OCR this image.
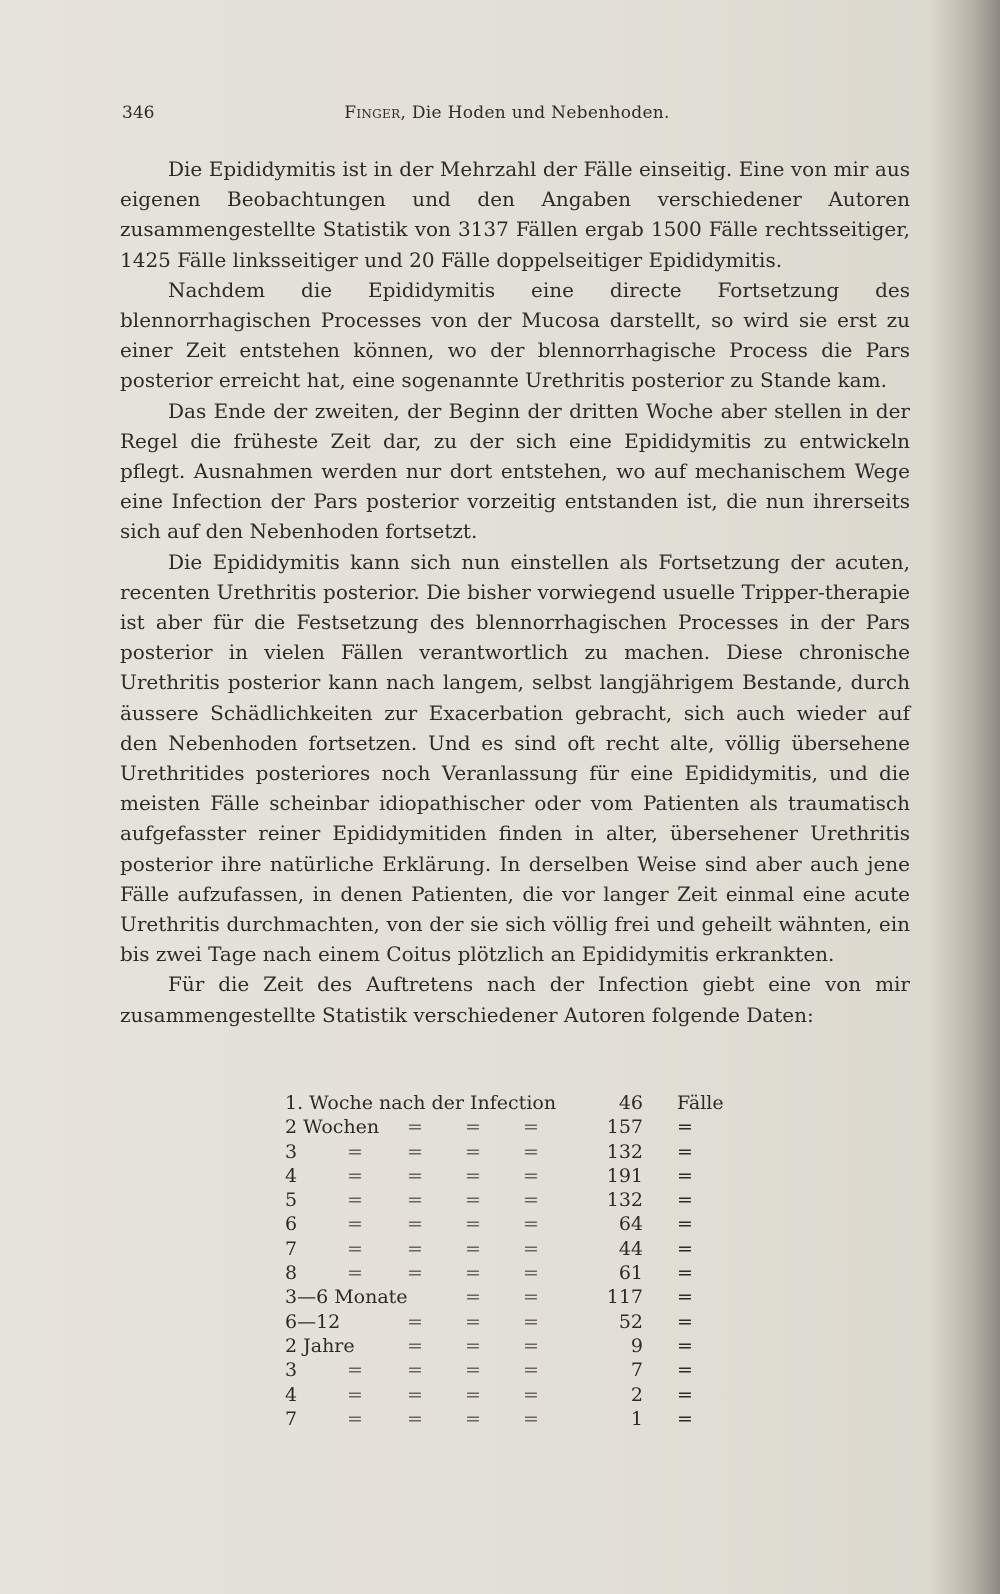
346	Finger, Die Hoden und Nebenhoden.

Die Epididymitis ist in der Mehrzahl der Fälle einseitig. Eine von mir aus eigenen Beobachtungen und den Angaben verschiedener Autoren zusammengestellte Statistik von 3137 Fällen ergab 1500 Fälle rechtsseitiger, 1425 Fälle linksseitiger und 20 Fälle doppelseitiger Epididymitis.

Nachdem die Epididymitis eine directe Fortsetzung des blennorrhagischen Processes von der Mucosa darstellt, so wird sie erst zu einer Zeit entstehen können, wo der blennorrhagische Process die Pars posterior erreicht hat, eine sogenannte Urethritis posterior zu Stande kam.

Das Ende der zweiten, der Beginn der dritten Woche aber stellen in der Regel die früheste Zeit dar, zu der sich eine Epididymitis zu entwickeln pflegt. Ausnahmen werden nur dort entstehen, wo auf mechanischem Wege eine Infection der Pars posterior vorzeitig entstanden ist, die nun ihrerseits sich auf den Nebenhoden fortsetzt.

Die Epididymitis kann sich nun einstellen als Fortsetzung der acuten, recenten Urethritis posterior. Die bisher vorwiegend usuelle Tripper-therapie ist aber für die Festsetzung des blennorrhagischen Processes in der Pars posterior in vielen Fällen verantwortlich zu machen. Diese chronische Urethritis posterior kann nach langem, selbst langjährigem Bestande, durch äussere Schädlichkeiten zur Exacerbation gebracht, sich auch wieder auf den Nebenhoden fortsetzen. Und es sind oft recht alte, völlig übersehene Urethritides posteriores noch Veranlassung für eine Epididymitis, und die meisten Fälle scheinbar idiopathischer oder vom Patienten als traumatisch aufgefasster reiner Epididymitiden finden in alter, übersehener Urethritis posterior ihre natürliche Erklärung. In derselben Weise sind aber auch jene Fälle aufzufassen, in denen Patienten, die vor langer Zeit einmal eine acute Urethritis durchmachten, von der sie sich völlig frei und geheilt wähnten, ein bis zwei Tage nach einem Coitus plötzlich an Epididymitis erkrankten.

Für die Zeit des Auftretens nach der Infection giebt eine von mir zusammengestellte Statistik verschiedener Autoren folgende Daten:

1. Woche nach der Infection	46 Fälle
2 Wochen = = =	157 =
3	= = = =	132 =
4	= = = =	191 =
5	= = = =	132 =
6	= = = =	64 =
7	= = = =	44 =
8	= = = =	61 =
3—6 Monate	= =	117 =
6—12	= = =	52 =
2 Jahre	= = =	9 =
3	= = = =	7 =
4	= = = =	2 =
7	= = = =	1 =
